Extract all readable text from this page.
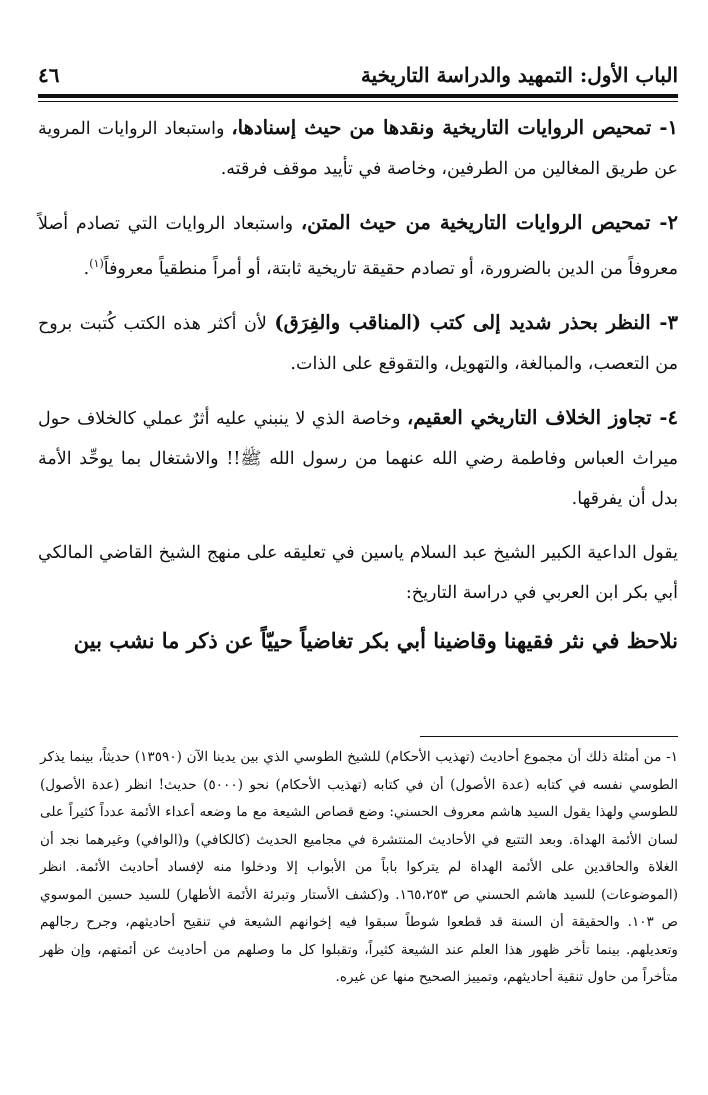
الباب الأول: التمهيد والدراسة التاريخية
٤٦

١- تمحيص الروايات التاريخية ونقدها من حيث إسنادها، واستبعاد الروايات المروية عن طريق المغالين من الطرفين، وخاصة في تأييد موقف فرقته.

٢- تمحيص الروايات التاريخية من حيث المتن، واستبعاد الروايات التي تصادم أصلاً معروفاً من الدين بالضرورة، أو تصادم حقيقة تاريخية ثابتة، أو أمراً منطقياً معروفاً$^{(١)}$.

٣- النظر بحذر شديد إلى كتب (المناقب والفِرَق) لأن أكثر هذه الكتب كُتبت بروح من التعصب، والمبالغة، والتهويل، والتقوقع على الذات.

٤- تجاوز الخلاف التاريخي العقيم، وخاصة الذي لا ينبني عليه أثرٌ عملي كالخلاف حول ميراث العباس وفاطمة رضي الله عنهما من رسول الله ﷺ!! والاشتغال بما يوحِّد الأمة بدل أن يفرقها.

يقول الداعية الكبير الشيخ عبد السلام ياسين في تعليقه على منهج الشيخ القاضي المالكي أبي بكر ابن العربي في دراسة التاريخ:

نلاحظ في نثر فقيهنا وقاضينا أبي بكر تغاضياً حييّاً عن ذكر ما نشب بين

١- من أمثلة ذلك أن مجموع أحاديث (تهذيب الأحكام) للشيخ الطوسي الذي بين يدينا الآن (١٣٥٩٠) حديثاً، بينما يذكر الطوسي نفسه في كتابه (عدة الأصول) أن في كتابه (تهذيب الأحكام) نحو (٥٠٠٠) حديث! انظر (عدة الأصول) للطوسي ولهذا يقول السيد هاشم معروف الحسني: وضع قصاص الشيعة مع ما وضعه أعداء الأئمة عدداً كثيراً على لسان الأئمة الهداة. وبعد التتبع في الأحاديث المنتشرة في مجاميع الحديث (كالكافي) و(الوافي) وغيرهما نجد أن الغلاة والحاقدين على الأئمة الهداة لم يتركوا باباً من الأبواب إلا ودخلوا منه لإفساد أحاديث الأئمة. انظر (الموضوعات) للسيد هاشم الحسني ص ١٦٥،٢٥٣. و(كشف الأستار وتبرئة الأئمة الأطهار) للسيد حسين الموسوي ص ١٠٣. والحقيقة أن السنة قد قطعوا شوطاً سبقوا فيه إخوانهم الشيعة في تنقيح أحاديثهم، وجرح رجالهم وتعديلهم. بينما تأخر ظهور هذا العلم عند الشيعة كثيراً، وتقبلوا كل ما وصلهم من أحاديث عن أئمتهم، وإن ظهر متأخراً من حاول تنقية أحاديثهم، وتمييز الصحيح منها عن غيره.
